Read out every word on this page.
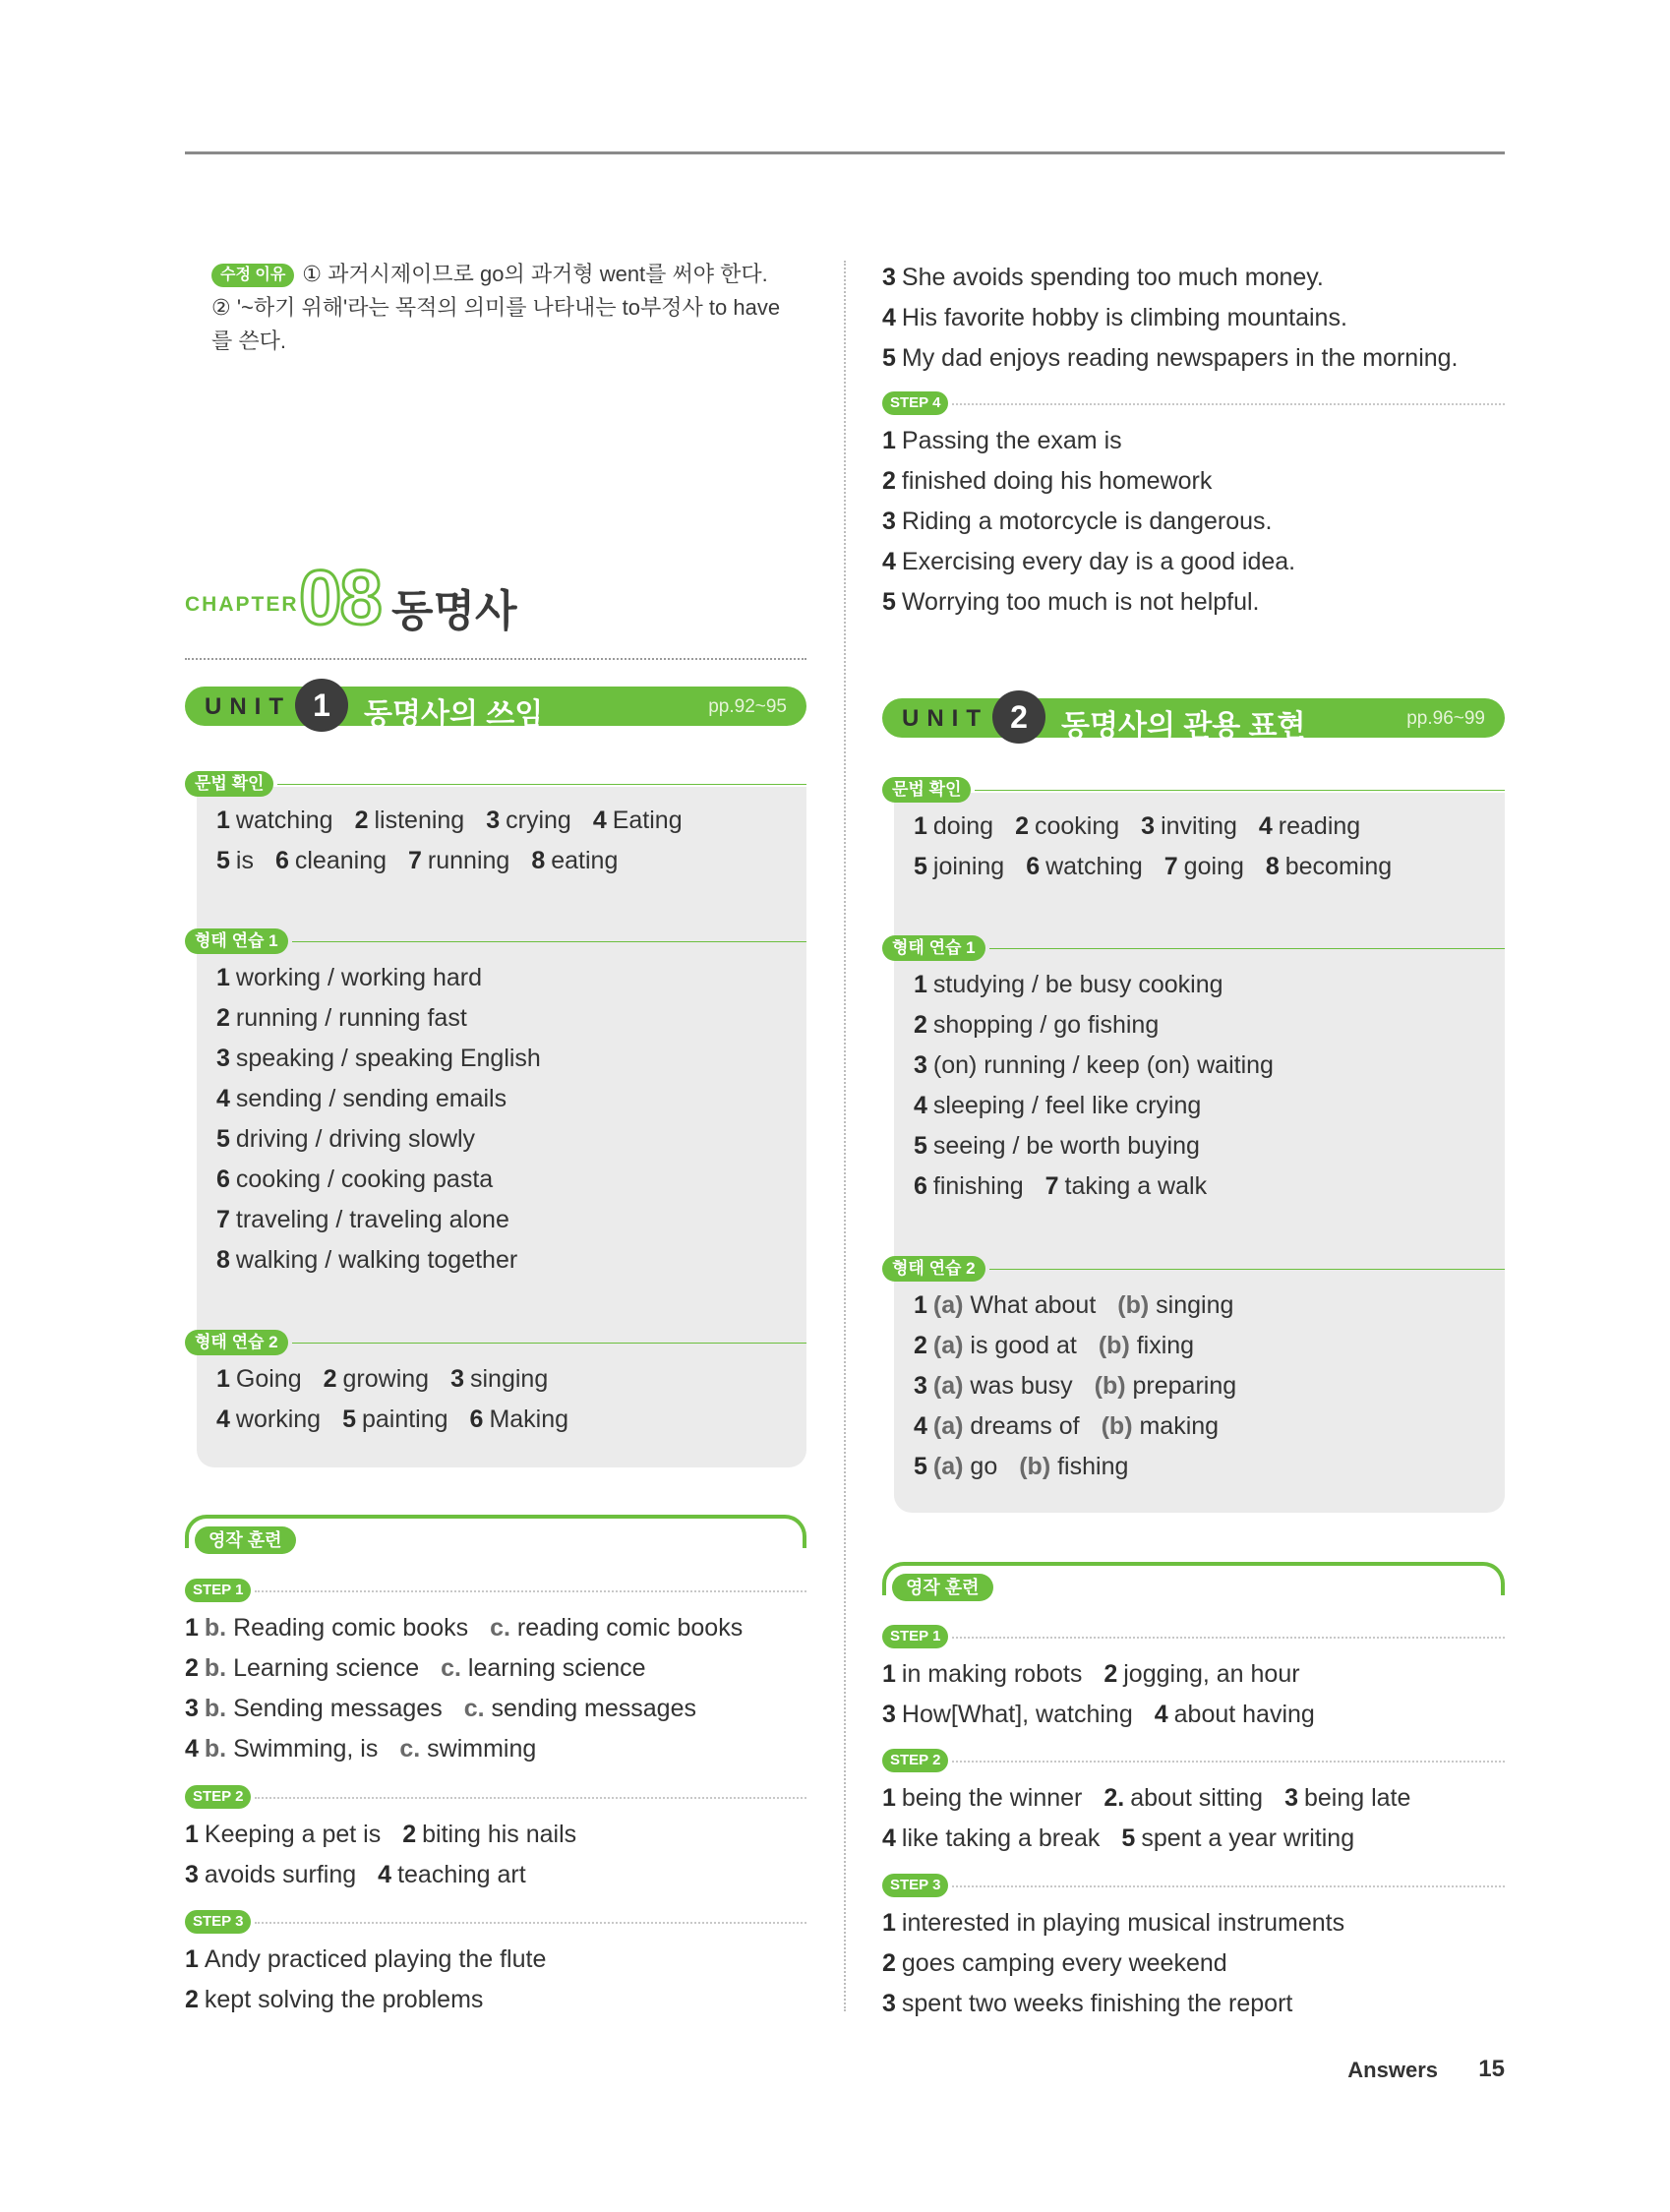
수정 이유 ① 과거시제이므로 go의 과거형 went를 써야 한다.

② '~하기 위해'라는 목적의 의미를 나타내는 to부정사 to have

를 쓴다.

CHAPTER 08 동명사
UNIT 1	동명사의 쓰임	pp.92~95
문법 확인
1 watching 2 listening 3 crying 4 Eating
5 is 6 cleaning 7 running 8 eating
형태 연습 1
1 working / working hard
2 running / running fast
3 speaking / speaking English
4 sending / sending emails
5 driving / driving slowly
6 cooking / cooking pasta
7 traveling / traveling alone
8 walking / walking together
형태 연습 2
1 Going 2 growing 3 singing
4 working 5 painting 6 Making
영작 훈련
STEP 1
1 b. Reading comic books c. reading comic books
2 b. Learning science c. learning science
3 b. Sending messages c. sending messages
4 b. Swimming, is c. swimming
STEP 2
1 Keeping a pet is 2 biting his nails
3 avoids surfing 4 teaching art
STEP 3
1 Andy practiced playing the flute
2 kept solving the problems
3 She avoids spending too much money.
4 His favorite hobby is climbing mountains.
5 My dad enjoys reading newspapers in the morning.
STEP 4
1 Passing the exam is
2 finished doing his homework
3 Riding a motorcycle is dangerous.
4 Exercising every day is a good idea.
5 Worrying too much is not helpful.
UNIT 2	동명사의 관용 표현	pp.96~99
문법 확인
1 doing 2 cooking 3 inviting 4 reading
5 joining 6 watching 7 going 8 becoming
형태 연습 1
1 studying / be busy cooking
2 shopping / go fishing
3 (on) running / keep (on) waiting
4 sleeping / feel like crying
5 seeing / be worth buying
6 finishing 7 taking a walk
형태 연습 2
1 (a) What about (b) singing
2 (a) is good at (b) fixing
3 (a) was busy (b) preparing
4 (a) dreams of (b) making
5 (a) go (b) fishing
영작 훈련
STEP 1
1 in making robots 2 jogging, an hour
3 How[What], watching 4 about having
STEP 2
1 being the winner 2. about sitting 3 being late
4 like taking a break 5 spent a year writing
STEP 3
1 interested in playing musical instruments
2 goes camping every weekend
3 spent two weeks finishing the report
Answers 15
